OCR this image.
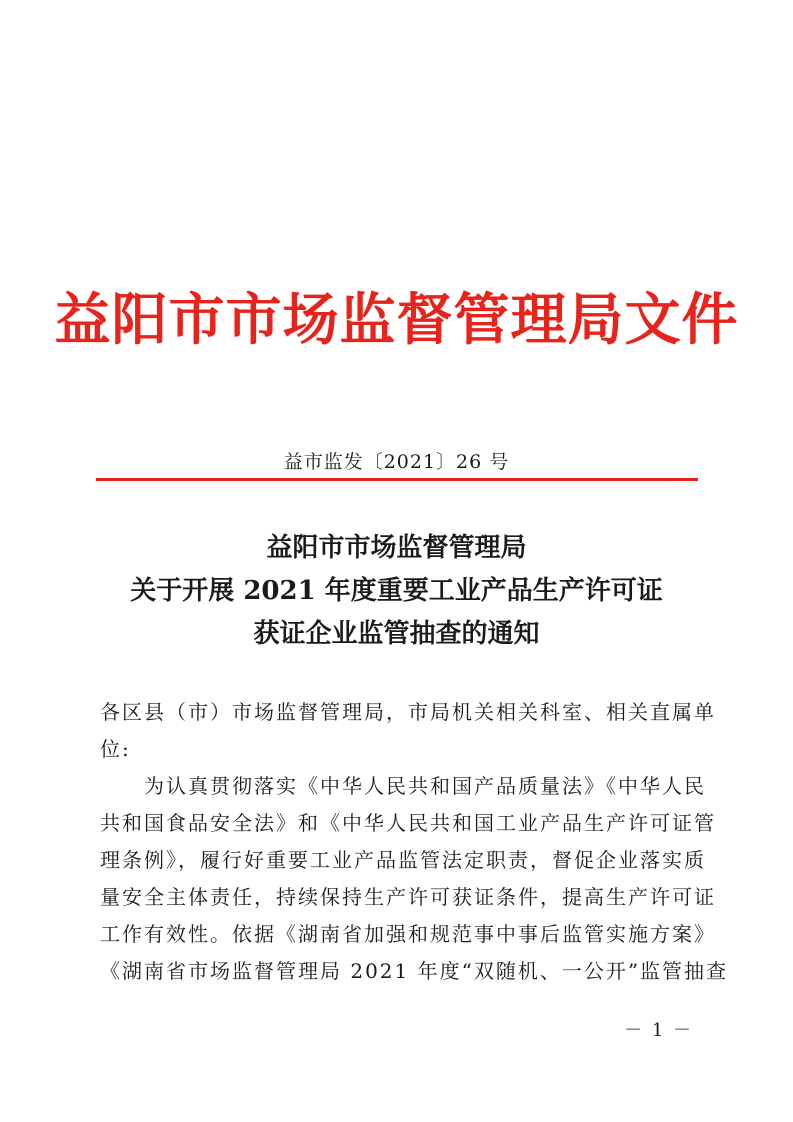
益阳市市场监督管理局文件
益市监发〔2021〕26 号
益阳市市场监督管理局
关于开展 2021 年度重要工业产品生产许可证
获证企业监管抽查的通知

各区县（市）市场监督管理局，市局机关相关科室、相关直属单
位:

为认真贯彻落实《中华人民共和国产品质量法》《中华人民
共和国食品安全法》和《中华人民共和国工业产品生产许可证管
理条例》，履行好重要工业产品监管法定职责，督促企业落实质
量安全主体责任，持续保持生产许可获证条件，提高生产许可证
工作有效性。依据《湖南省加强和规范事中事后监管实施方案》
《湖南省市场监督管理局 2021 年度“双随机、一公开”监管抽查

－ 1 －
